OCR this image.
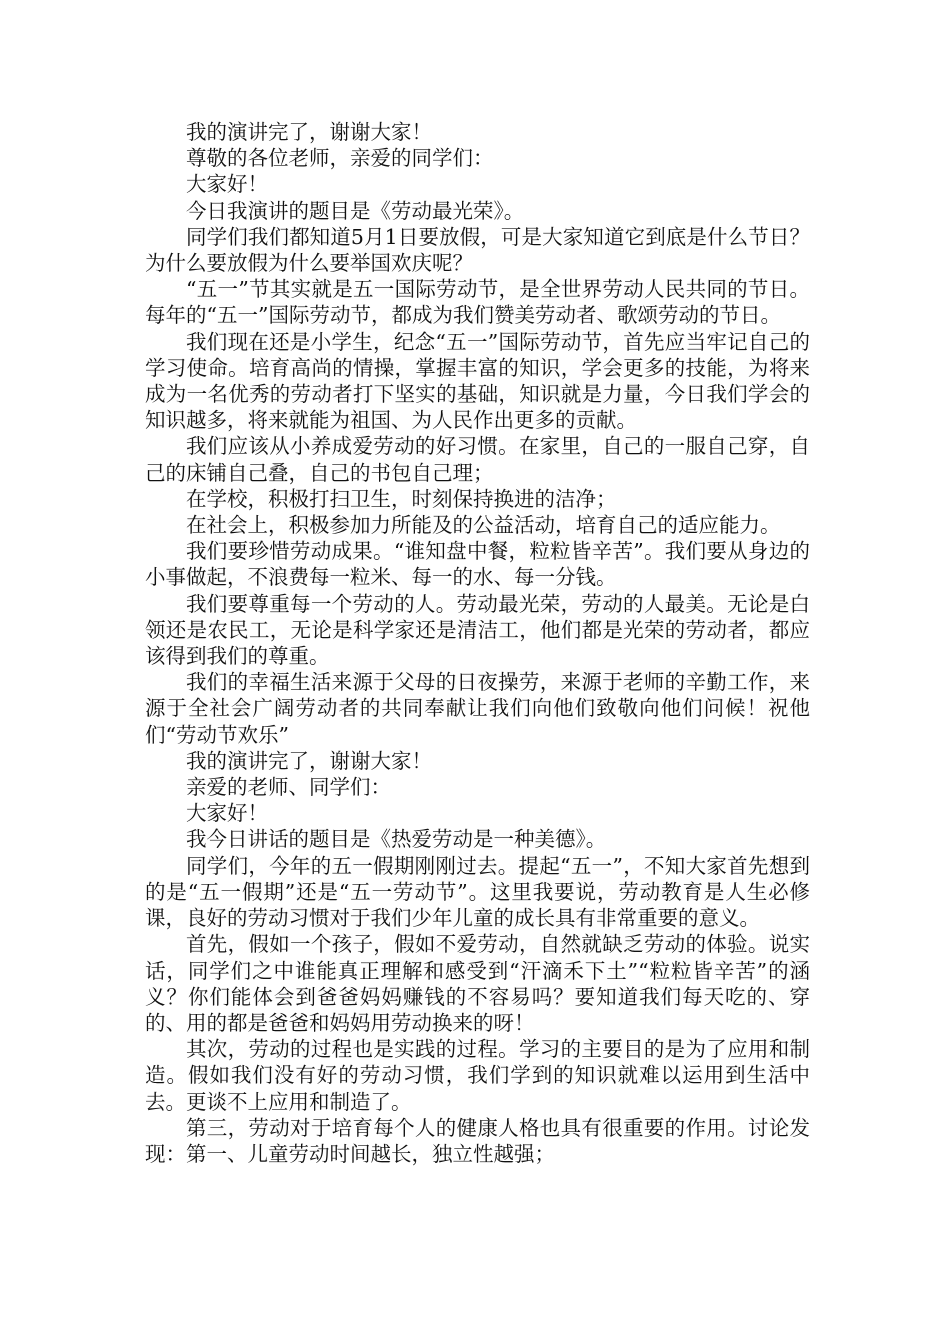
我的演讲完了，谢谢大家！

尊敬的各位老师，亲爱的同学们：

大家好！

今日我演讲的题目是《劳动最光荣》。

同学们我们都知道5月1日要放假，可是大家知道它到底是什么节日？为什么要放假为什么要举国欢庆呢？

“五一”节其实就是五一国际劳动节，是全世界劳动人民共同的节日。每年的“五一”国际劳动节，都成为我们赞美劳动者、歌颂劳动的节日。

我们现在还是小学生，纪念“五一”国际劳动节，首先应当牢记自己的学习使命。培育高尚的情操，掌握丰富的知识，学会更多的技能，为将来成为一名优秀的劳动者打下坚实的基础，知识就是力量，今日我们学会的知识越多，将来就能为祖国、为人民作出更多的贡献。

我们应该从小养成爱劳动的好习惯。在家里，自己的一服自己穿，自己的床铺自己叠，自己的书包自己理；

在学校，积极打扫卫生，时刻保持换进的洁净；

在社会上，积极参加力所能及的公益活动，培育自己的适应能力。

我们要珍惜劳动成果。“谁知盘中餐，粒粒皆辛苦”。我们要从身边的小事做起，不浪费每一粒米、每一的水、每一分钱。

我们要尊重每一个劳动的人。劳动最光荣，劳动的人最美。无论是白领还是农民工，无论是科学家还是清洁工，他们都是光荣的劳动者，都应该得到我们的尊重。

我们的幸福生活来源于父母的日夜操劳，来源于老师的辛勤工作，来源于全社会广阔劳动者的共同奉献让我们向他们致敬向他们问候！祝他们“劳动节欢乐”

我的演讲完了，谢谢大家！

亲爱的老师、同学们：

大家好！

我今日讲话的题目是《热爱劳动是一种美德》。

同学们，今年的五一假期刚刚过去。提起“五一”，不知大家首先想到的是“五一假期”还是“五一劳动节”。这里我要说，劳动教育是人生必修课，良好的劳动习惯对于我们少年儿童的成长具有非常重要的意义。

首先，假如一个孩子，假如不爱劳动，自然就缺乏劳动的体验。说实话，同学们之中谁能真正理解和感受到“汗滴禾下土”“粒粒皆辛苦”的涵义？你们能体会到爸爸妈妈赚钱的不容易吗？要知道我们每天吃的、穿的、用的都是爸爸和妈妈用劳动换来的呀！

其次，劳动的过程也是实践的过程。学习的主要目的是为了应用和制造。假如我们没有好的劳动习惯，我们学到的知识就难以运用到生活中去。更谈不上应用和制造了。

第三，劳动对于培育每个人的健康人格也具有很重要的作用。讨论发现：第一、儿童劳动时间越长，独立性越强；
